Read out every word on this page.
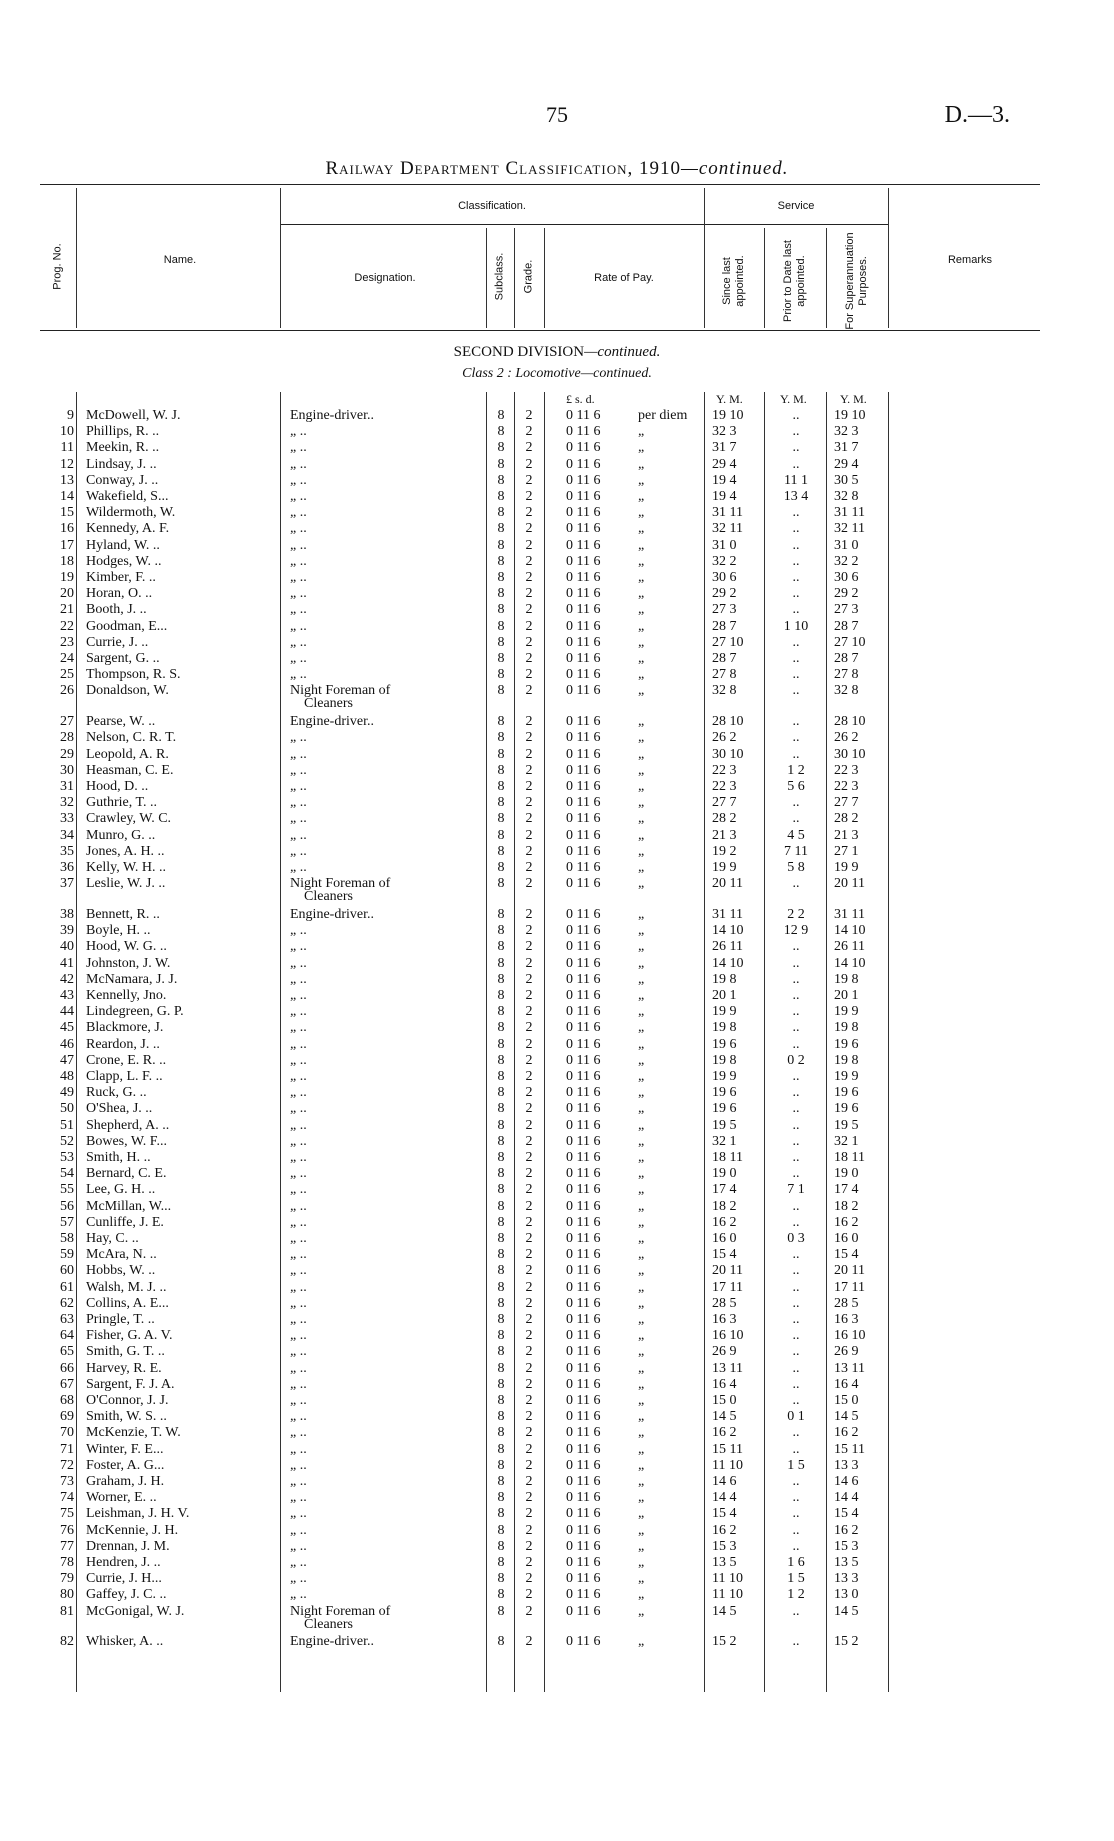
75	D.—3.
Railway Department Classification, 1910—continued.
Prog. No.	Name.
Classification.
Designation.	Subclass. Grade.	Rate of Pay.
Service
Since last appointed.	Prior to Date last appointed.	For Superannuation Purposes.	Remarks
SECOND DIVISION—continued.
Class 2 : Locomotive—continued.
£ s. d.	Y. M.	Y. M.	Y. M.
9 McDowell, W. J.	Engine-driver..	8 2 0 11 6	per diem 19 10	..	19 10
10 Phillips, R. ..	„ ..	8 2 0 11 6	„	32 3	..	32 3
11 Meekin, R. ..	„ ..	8 2 0 11 6	„	31 7	..	31 7
12 Lindsay, J. ..	„ ..	8 2 0 11 6	„	29 4	..	29 4
13 Conway, J. ..	„ ..	8 2 0 11 6	„	19 4	11 1	30 5
14 Wakefield, S...	„ ..	8 2 0 11 6	„	19 4	13 4	32 8
15 Wildermoth, W.	„ ..	8 2 0 11 6	„	31 11	..	31 11
16 Kennedy, A. F.	„ ..	8 2 0 11 6	„	32 11	..	32 11
17 Hyland, W. ..	„ ..	8 2 0 11 6	„	31 0	..	31 0
18 Hodges, W. ..	„ ..	8 2 0 11 6	„	32 2	..	32 2
19 Kimber, F. ..	„ ..	8 2 0 11 6	„	30 6	..	30 6
20 Horan, O. ..	„ ..	8 2 0 11 6	„	29 2	..	29 2
21 Booth, J. ..	„ ..	8 2 0 11 6	„	27 3	..	27 3
22 Goodman, E...	„ ..	8 2 0 11 6	„	28 7	1 10	28 7
23 Currie, J. ..	„ ..	8 2 0 11 6	„	27 10	..	27 10
24 Sargent, G. ..	„ ..	8 2 0 11 6	„	28 7	..	28 7
25 Thompson, R. S.	„ ..	8 2 0 11 6	„	27 8	..	27 8
26 Donaldson, W.	Night Foreman of	8 2 0 11 6	„	32 8	..	32 8
Cleaners
27 Pearse, W. ..	Engine-driver..	8 2 0 11 6	„	28 10	..	28 10
28 Nelson, C. R. T.	„ ..	8 2 0 11 6	„	26 2	..	26 2
29 Leopold, A. R.	„ ..	8 2 0 11 6	„	30 10	..	30 10
30 Heasman, C. E.	„ ..	8 2 0 11 6	„	22 3	1 2	22 3
31 Hood, D. ..	„ ..	8 2 0 11 6	„	22 3	5 6	22 3
32 Guthrie, T. ..	„ ..	8 2 0 11 6	„	27 7	..	27 7
33 Crawley, W. C.	„ ..	8 2 0 11 6	„	28 2	..	28 2
34 Munro, G. ..	„ ..	8 2 0 11 6	„	21 3	4 5	21 3
35 Jones, A. H. ..	„ ..	8 2 0 11 6	„	19 2	7 11	27 1
36 Kelly, W. H. ..	„ ..	8 2 0 11 6	„	19 9	5 8	19 9
37 Leslie, W. J. ..	Night Foreman of	8 2 0 11 6	„	20 11	..	20 11
Cleaners
38 Bennett, R. ..	Engine-driver..	8 2 0 11 6	„	31 11	2 2	31 11
39 Boyle, H. ..	„ ..	8 2 0 11 6	„	14 10	12 9	14 10
40 Hood, W. G. ..	„ ..	8 2 0 11 6	„	26 11	..	26 11
41 Johnston, J. W.	„ ..	8 2 0 11 6	„	14 10	..	14 10
42 McNamara, J. J.	„ ..	8 2 0 11 6	„	19 8	..	19 8
43 Kennelly, Jno.	„ ..	8 2 0 11 6	„	20 1	..	20 1
44 Lindegreen, G. P.	„ ..	8 2 0 11 6	„	19 9	..	19 9
45 Blackmore, J.	„ ..	8 2 0 11 6	„	19 8	..	19 8
46 Reardon, J. ..	„ ..	8 2 0 11 6	„	19 6	..	19 6
47 Crone, E. R. ..	„ ..	8 2 0 11 6	„	19 8	0 2	19 8
48 Clapp, L. F. ..	„ ..	8 2 0 11 6	„	19 9	..	19 9
49 Ruck, G. ..	„ ..	8 2 0 11 6	„	19 6	..	19 6
50 O'Shea, J. ..	„ ..	8 2 0 11 6	„	19 6	..	19 6
51 Shepherd, A. ..	„ ..	8 2 0 11 6	„	19 5	..	19 5
52 Bowes, W. F...	„ ..	8 2 0 11 6	„	32 1	..	32 1
53 Smith, H. ..	„ ..	8 2 0 11 6	„	18 11	..	18 11
54 Bernard, C. E.	„ ..	8 2 0 11 6	„	19 0	..	19 0
55 Lee, G. H. ..	„ ..	8 2 0 11 6	„	17 4	7 1	17 4
56 McMillan, W...	„ ..	8 2 0 11 6	„	18 2	..	18 2
57 Cunliffe, J. E.	„ ..	8 2 0 11 6	„	16 2	..	16 2
58 Hay, C. ..	„ ..	8 2 0 11 6	„	16 0	0 3	16 0
59 McAra, N. ..	„ ..	8 2 0 11 6	„	15 4	..	15 4
60 Hobbs, W. ..	„ ..	8 2 0 11 6	„	20 11	..	20 11
61 Walsh, M. J. ..	„ ..	8 2 0 11 6	„	17 11	..	17 11
62 Collins, A. E...	„ ..	8 2 0 11 6	„	28 5	..	28 5
63 Pringle, T. ..	„ ..	8 2 0 11 6	„	16 3	..	16 3
64 Fisher, G. A. V.	„ ..	8 2 0 11 6	„	16 10	..	16 10
65 Smith, G. T. ..	„ ..	8 2 0 11 6	„	26 9	..	26 9
66 Harvey, R. E.	„ ..	8 2 0 11 6	„	13 11	..	13 11
67 Sargent, F. J. A.	„ ..	8 2 0 11 6	„	16 4	..	16 4
68 O'Connor, J. J.	„ ..	8 2 0 11 6	„	15 0	..	15 0
69 Smith, W. S. ..	„ ..	8 2 0 11 6	„	14 5	0 1	14 5
70 McKenzie, T. W.	„ ..	8 2 0 11 6	„	16 2	..	16 2
71 Winter, F. E...	„ ..	8 2 0 11 6	„	15 11	..	15 11
72 Foster, A. G...	„ ..	8 2 0 11 6	„	11 10	1 5	13 3
73 Graham, J. H.	„ ..	8 2 0 11 6	„	14 6	..	14 6
74 Worner, E. ..	„ ..	8 2 0 11 6	„	14 4	..	14 4
75 Leishman, J. H. V.	„ ..	8 2 0 11 6	„	15 4	..	15 4
76 McKennie, J. H.	„ ..	8 2 0 11 6	„	16 2	..	16 2
77 Drennan, J. M.	„ ..	8 2 0 11 6	„	15 3	..	15 3
78 Hendren, J. ..	„ ..	8 2 0 11 6	„	13 5	1 6	13 5
79 Currie, J. H...	„ ..	8 2 0 11 6	„	11 10	1 5	13 3
80 Gaffey, J. C. ..	„ ..	8 2 0 11 6	„	11 10	1 2	13 0
81 McGonigal, W. J.	Night Foreman of	8 2 0 11 6	„	14 5	..	14 5
Cleaners
82 Whisker, A. ..	Engine-driver..	8 2 0 11 6	„	15 2	..	15 2
